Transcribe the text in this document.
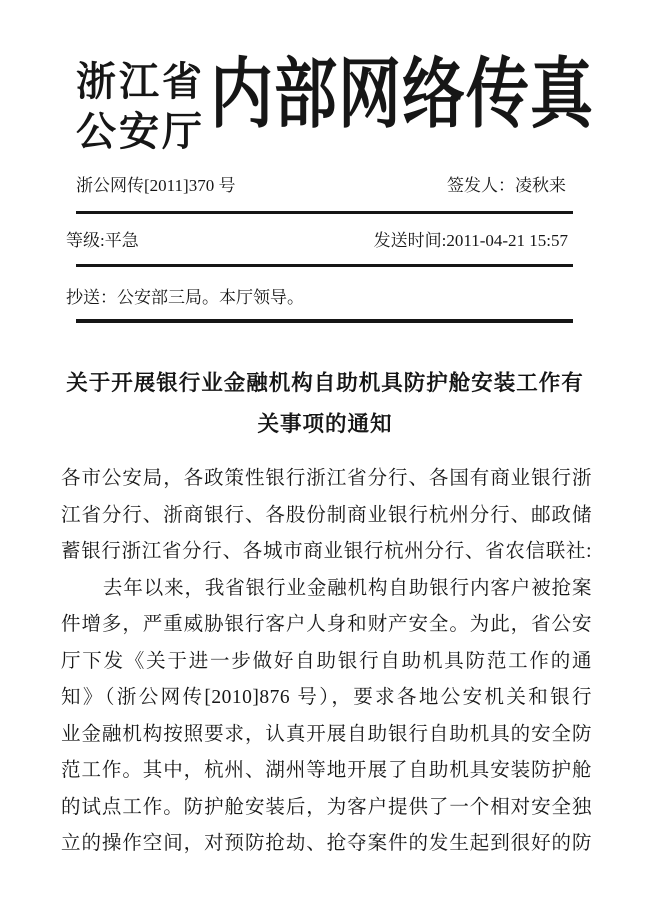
浙江省
公安厅 内部网络传真
浙公网传[2011]370 号	签发人：凌秋来
等级:平急	发送时间:2011-04-21 15:57
抄送：公安部三局。本厅领导。
关于开展银行业金融机构自助机具防护舱安装工作有
关事项的通知
各市公安局，各政策性银行浙江省分行、各国有商业银行浙
江省分行、浙商银行、各股份制商业银行杭州分行、邮政储
蓄银行浙江省分行、各城市商业银行杭州分行、省农信联社:
去年以来，我省银行业金融机构自助银行内客户被抢案
件增多，严重威胁银行客户人身和财产安全。为此，省公安
厅下发《关于进一步做好自助银行自助机具防范工作的通
知》（浙公网传[2010]876 号），要求各地公安机关和银行
业金融机构按照要求，认真开展自助银行自助机具的安全防
范工作。其中，杭州、湖州等地开展了自助机具安装防护舱
的试点工作。防护舱安装后，为客户提供了一个相对安全独
立的操作空间，对预防抢劫、抢夺案件的发生起到很好的防
